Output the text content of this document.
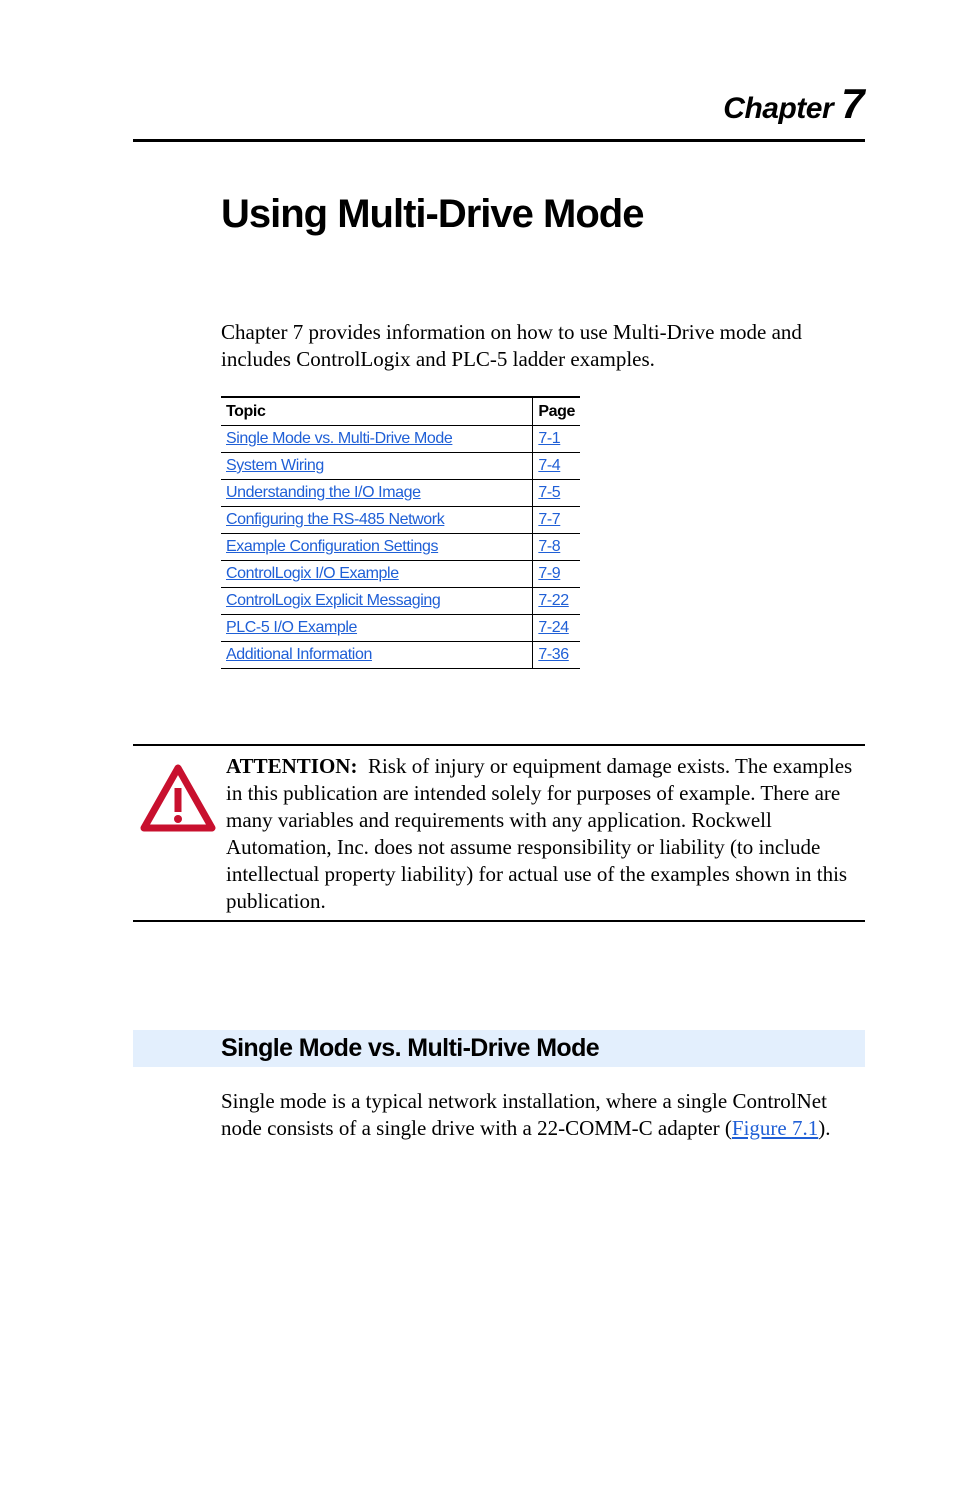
Chapter 7
Using Multi-Drive Mode

Chapter 7 provides information on how to use Multi-Drive mode and includes ControlLogix and PLC-5 ladder examples.

Topic	Page
Single Mode vs. Multi-Drive Mode	7-1
System Wiring	7-4
Understanding the I/O Image	7-5
Configuring the RS-485 Network	7-7
Example Configuration Settings	7-8
ControlLogix I/O Example	7-9
ControlLogix Explicit Messaging	7-22
PLC-5 I/O Example	7-24
Additional Information	7-36

ATTENTION: Risk of injury or equipment damage exists. The examples in this publication are intended solely for purposes of example. There are many variables and requirements with any application. Rockwell Automation, Inc. does not assume responsibility or liability (to include intellectual property liability) for actual use of the examples shown in this publication.

Single Mode vs. Multi-Drive Mode

Single mode is a typical network installation, where a single ControlNet node consists of a single drive with a 22-COMM-C adapter (Figure 7.1).
